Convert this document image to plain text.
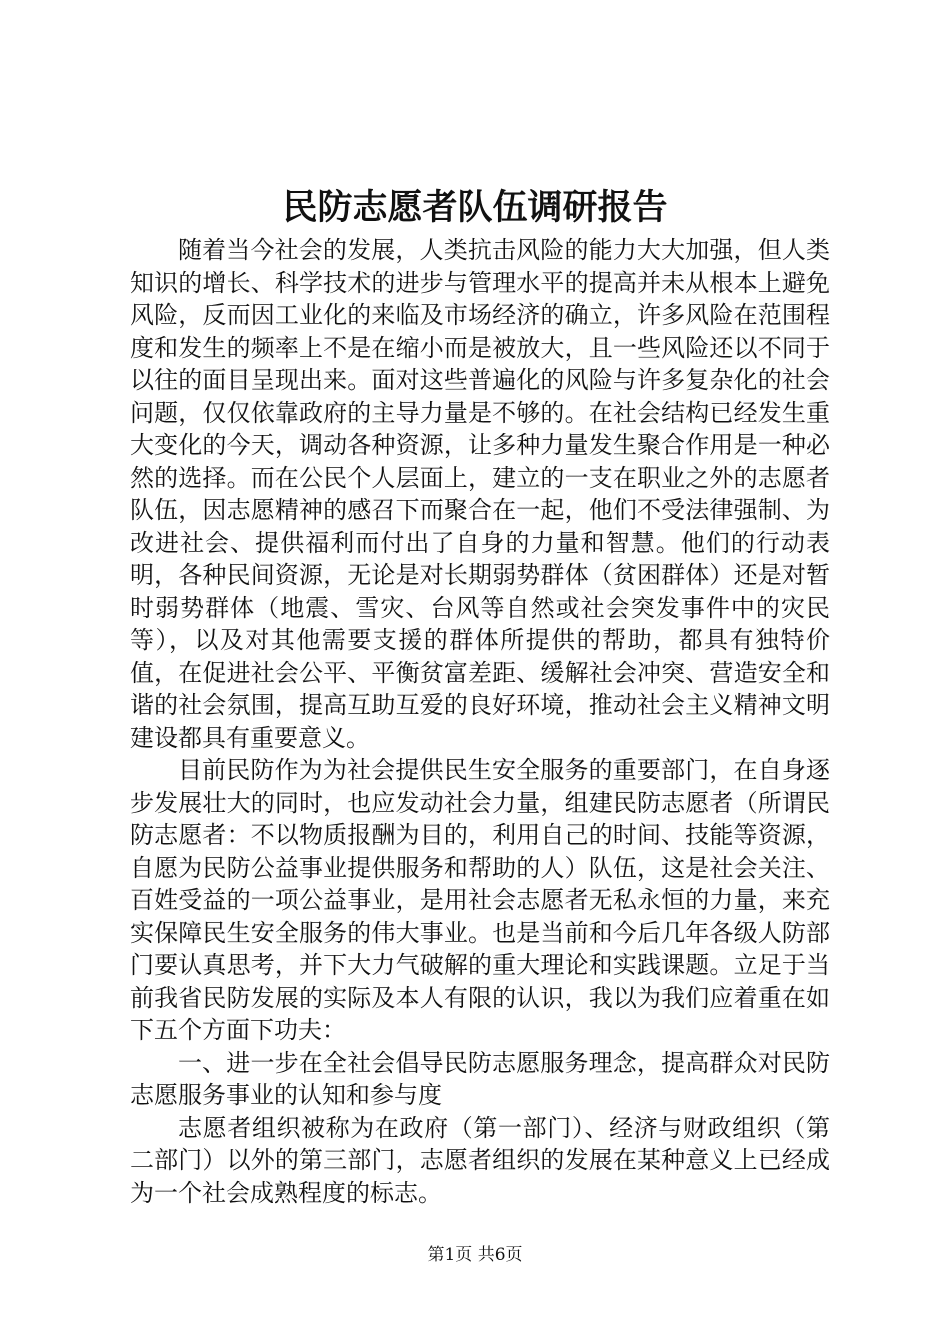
民防志愿者队伍调研报告

随着当今社会的发展，人类抗击风险的能力大大加强，但人类知识的增长、科学技术的进步与管理水平的提高并未从根本上避免风险，反而因工业化的来临及市场经济的确立，许多风险在范围程度和发生的频率上不是在缩小而是被放大，且一些风险还以不同于以往的面目呈现出来。面对这些普遍化的风险与许多复杂化的社会问题，仅仅依靠政府的主导力量是不够的。在社会结构已经发生重大变化的今天，调动各种资源，让多种力量发生聚合作用是一种必然的选择。而在公民个人层面上，建立的一支在职业之外的志愿者队伍，因志愿精神的感召下而聚合在一起，他们不受法律强制、为改进社会、提供福利而付出了自身的力量和智慧。他们的行动表明，各种民间资源，无论是对长期弱势群体（贫困群体）还是对暂时弱势群体（地震、雪灾、台风等自然或社会突发事件中的灾民等），以及对其他需要支援的群体所提供的帮助，都具有独特价值，在促进社会公平、平衡贫富差距、缓解社会冲突、营造安全和谐的社会氛围，提高互助互爱的良好环境，推动社会主义精神文明建设都具有重要意义。

目前民防作为为社会提供民生安全服务的重要部门，在自身逐步发展壮大的同时，也应发动社会力量，组建民防志愿者（所谓民防志愿者：不以物质报酬为目的，利用自己的时间、技能等资源，自愿为民防公益事业提供服务和帮助的人）队伍，这是社会关注、百姓受益的一项公益事业，是用社会志愿者无私永恒的力量，来充实保障民生安全服务的伟大事业。也是当前和今后几年各级人防部门要认真思考，并下大力气破解的重大理论和实践课题。立足于当前我省民防发展的实际及本人有限的认识，我以为我们应着重在如下五个方面下功夫：

一、进一步在全社会倡导民防志愿服务理念，提高群众对民防志愿服务事业的认知和参与度

志愿者组织被称为在政府（第一部门）、经济与财政组织（第二部门）以外的第三部门，志愿者组织的发展在某种意义上已经成为一个社会成熟程度的标志。

第1页 共6页
